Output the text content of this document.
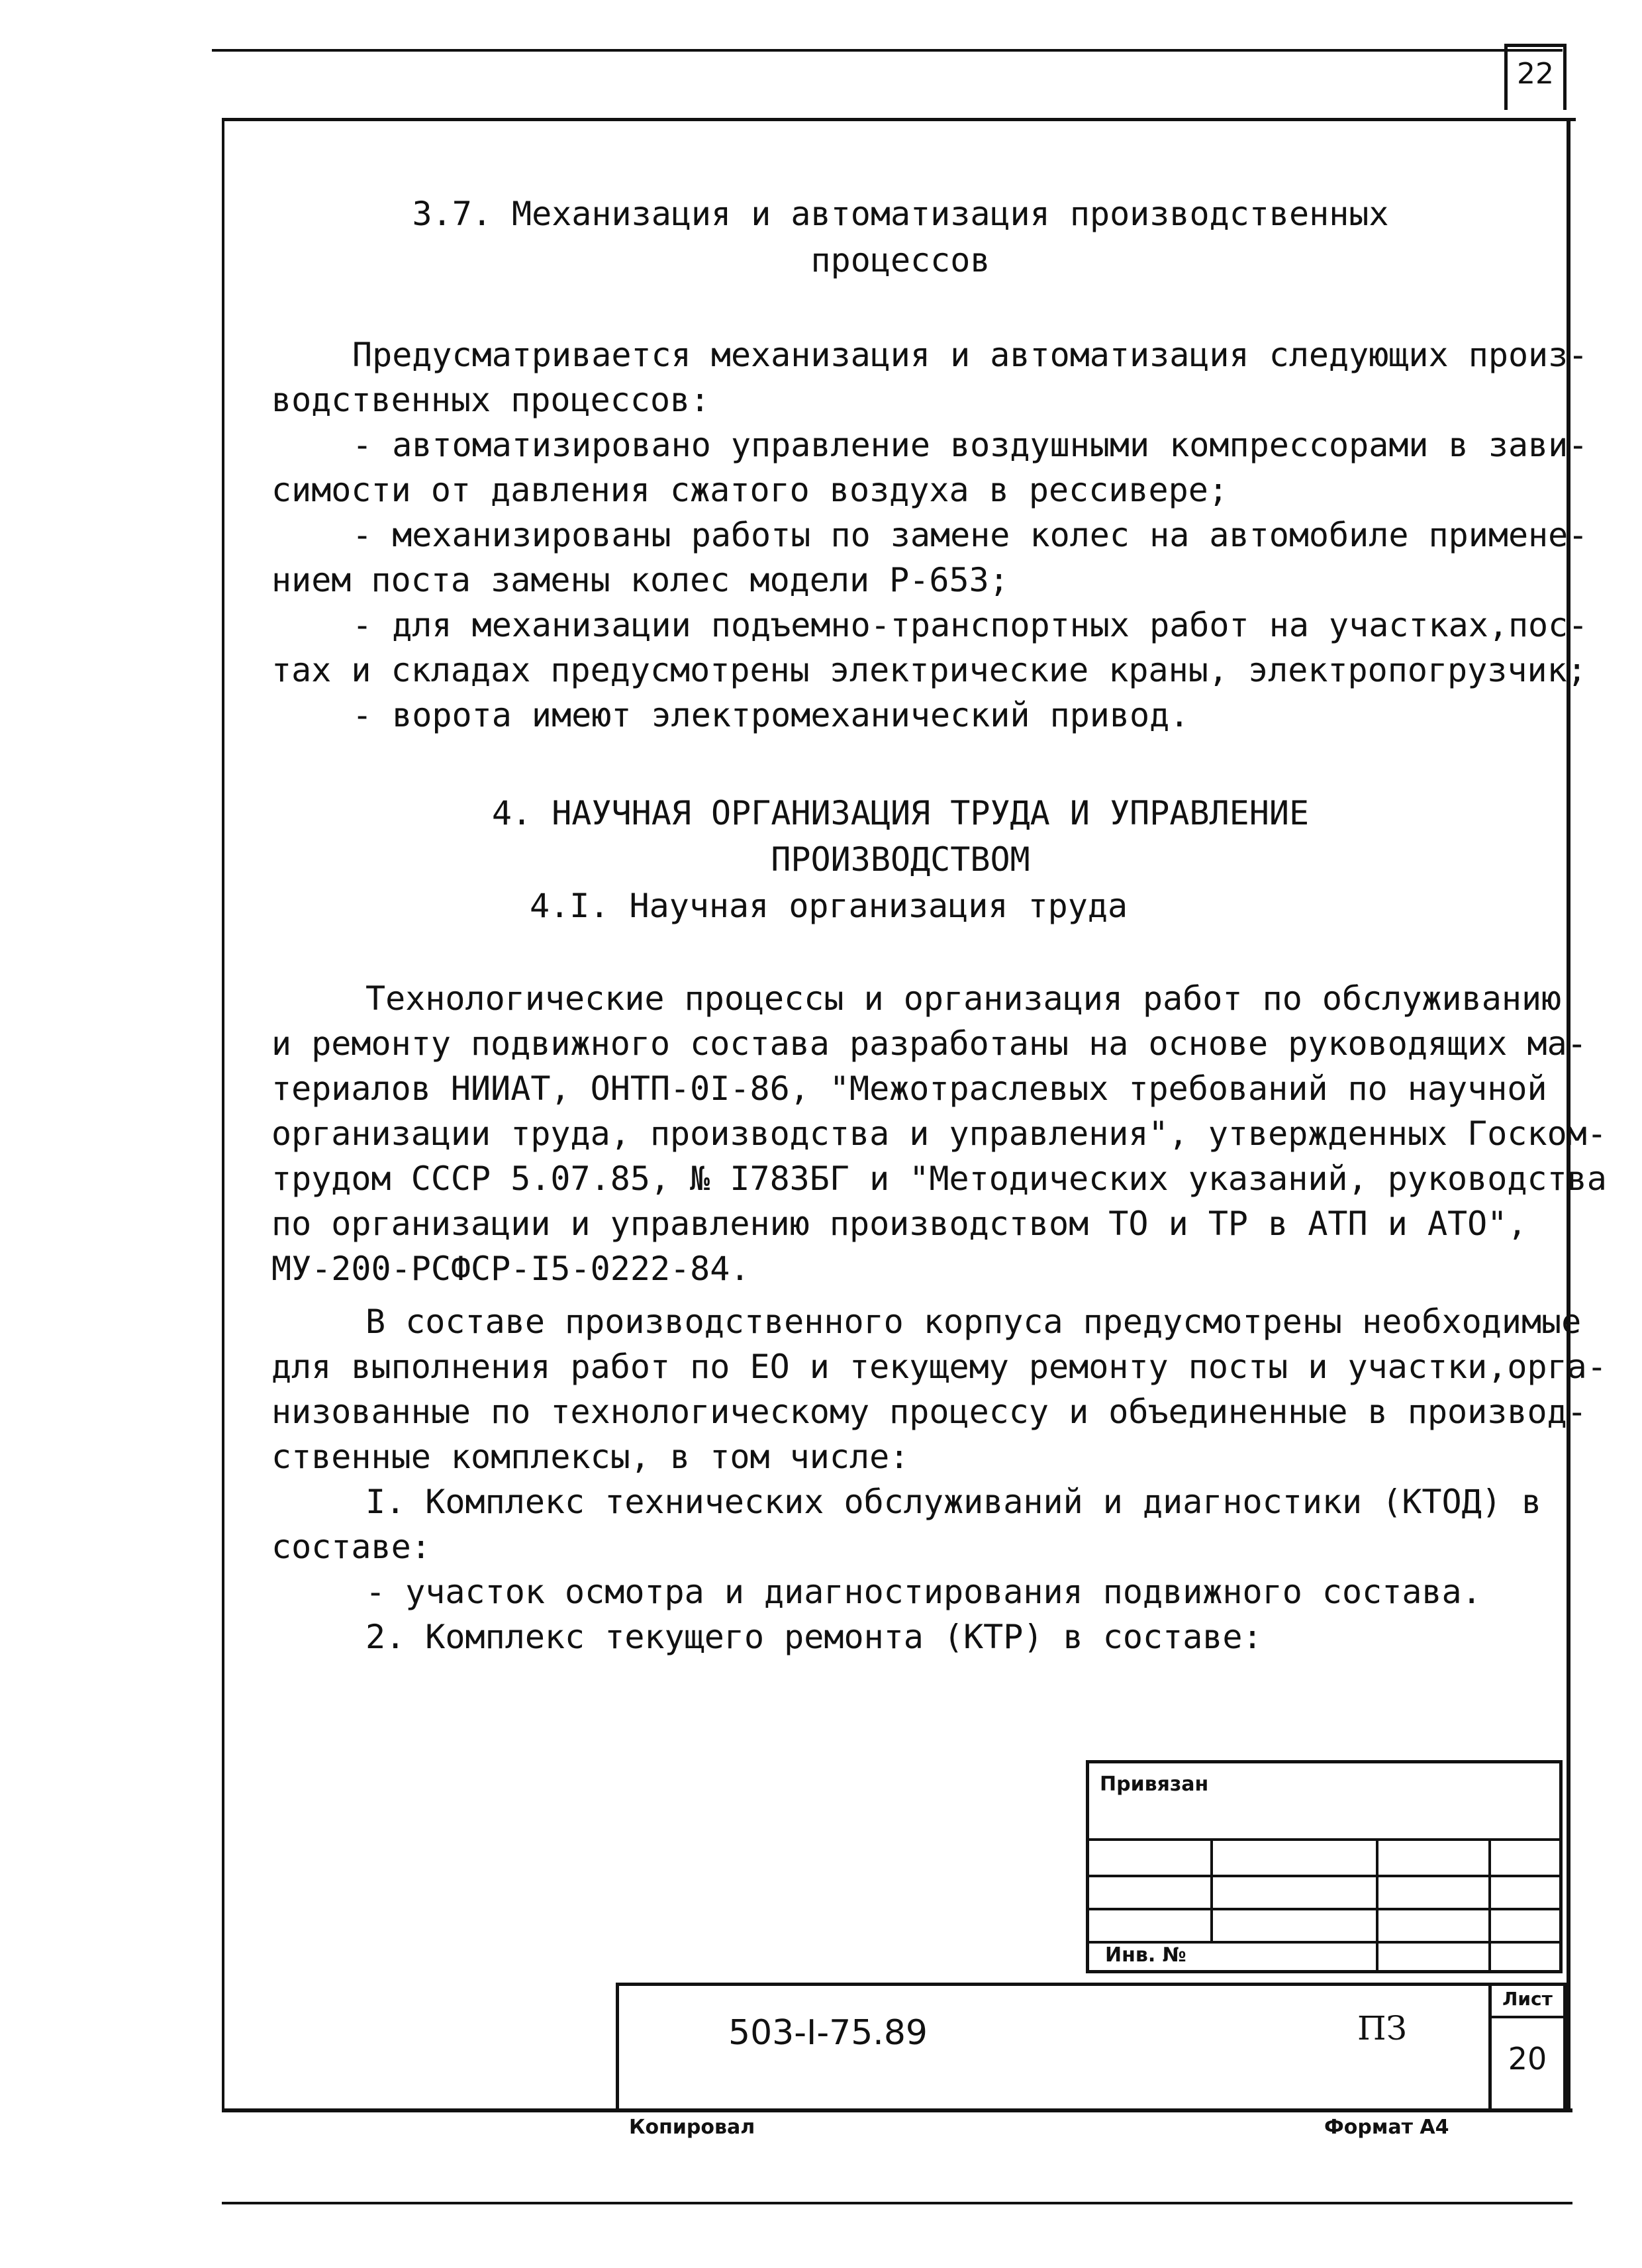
22
3.7. Механизация и автоматизация производственных
процессов
Предусматривается механизация и автоматизация следующих произ-
водственных процессов:
- автоматизировано управление воздушными компрессорами в зави-
симости от давления сжатого воздуха в рессивере;
- механизированы работы по замене колес на автомобиле примене-
нием поста замены колес модели Р-653;
- для механизации подъемно-транспортных работ на участках,пос-
тах и складах предусмотрены электрические краны, электропогрузчик;
- ворота имеют электромеханический привод.
4. НАУЧНАЯ ОРГАНИЗАЦИЯ ТРУДА И УПРАВЛЕНИЕ
ПРОИЗВОДСТВОМ
4.I. Научная организация труда
Технологические процессы и организация работ по обслуживанию
и ремонту подвижного состава разработаны на основе руководящих ма-
териалов НИИАТ, ОНТП-0I-86, "Межотраслевых требований по научной
организации труда, производства и управления", утвержденных Госком-
трудом СССР 5.07.85, № I783БГ и "Методических указаний, руководства
по организации и управлению производством ТО и ТР в АТП и АТО",
МУ-200-РСФСР-I5-0222-84.
В составе производственного корпуса предусмотрены необходимые
для выполнения работ по ЕО и текущему ремонту посты и участки,орга-
низованные по технологическому процессу и объединенные в производ-
ственные комплексы, в том числе:
I. Комплекс технических обслуживаний и диагностики (КТОД) в
составе:
- участок осмотра и диагностирования подвижного состава.
2. Комплекс текущего ремонта (КТР) в составе:
Привязан
Инв. №
503-I-75.89	ПЗ
Лист
20
Копировал	Формат А4
